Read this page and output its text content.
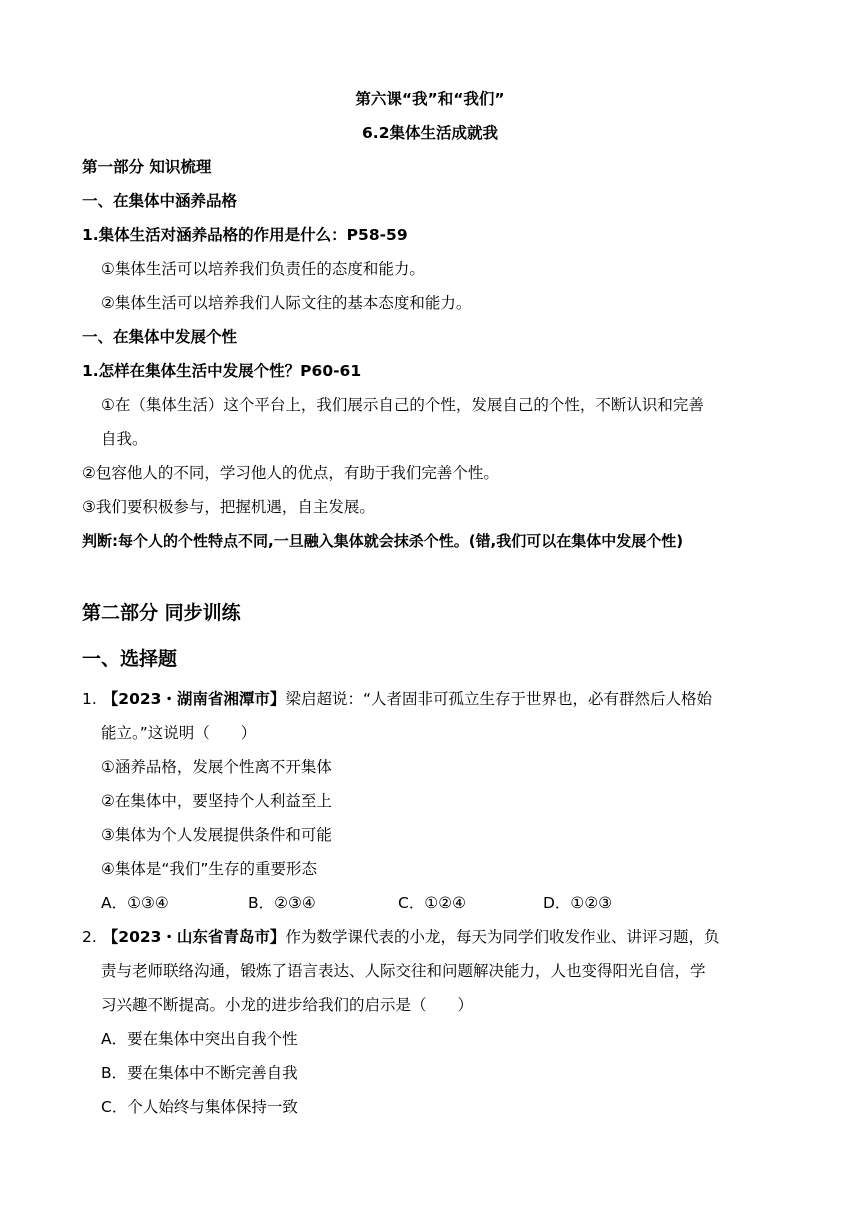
第六课“我”和“我们”
6.2集体生活成就我
第一部分 知识梳理
一、在集体中涵养品格
1.集体生活对涵养品格的作用是什么：P58-59
①集体生活可以培养我们负责任的态度和能力。
②集体生活可以培养我们人际文往的基本态度和能力。
一、在集体中发展个性
1.怎样在集体生活中发展个性？P60-61
①在（集体生活）这个平台上，我们展示自己的个性，发展自己的个性，不断认识和完善
自我。
②包容他人的不同，学习他人的优点，有助于我们完善个性。
③我们要积极参与，把握机遇，自主发展。
判断:每个人的个性特点不同,一旦融入集体就会抹杀个性。(错,我们可以在集体中发展个性)
第二部分 同步训练
一、选择题
1. 【2023・湖南省湘潭市】梁启超说：“人者固非可孤立生存于世界也，必有群然后人格始
能立。”这说明（　　）
①涵养品格，发展个性离不开集体
②在集体中，要坚持个人利益至上
③集体为个人发展提供条件和可能
④集体是“我们”生存的重要形态
A．①③④	B．②③④	C．①②④	D．①②③
2. 【2023・山东省青岛市】作为数学课代表的小龙，每天为同学们收发作业、讲评习题，负
责与老师联络沟通，锻炼了语言表达、人际交往和问题解决能力，人也变得阳光自信，学
习兴趣不断提高。小龙的进步给我们的启示是（　　）
A．要在集体中突出自我个性
B．要在集体中不断完善自我
C．个人始终与集体保持一致
